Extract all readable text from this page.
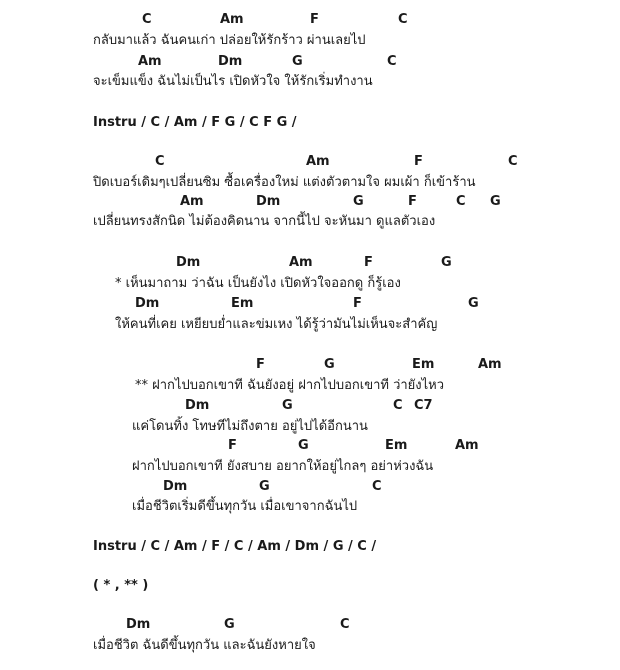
C	Am	F	C
กลับมาแล้ว ฉันคนเก่า ปล่อยให้รักร้าว ผ่านเลยไป
Am	Dm	G	C
จะเข็มแข็ง ฉันไม่เป็นไร เปิดหัวใจ ให้รักเริ่มทำงาน
C	Am	F	C
ปิดเบอร์เดิมๆเปลี่ยนซิม ซื้อเครื่องใหม่ แต่งตัวตามใจ ผมเผ้า ก็เข้าร้าน
Am	Dm	G	F	C G
เปลี่ยนทรงสักนิด ไม่ต้องคิดนาน จากนี้ไป จะหันมา ดูแลตัวเอง
Dm	Am	F	G
* เห็นมาถาม ว่าฉัน เป็นยังไง เปิดหัวใจออกดู ก็รู้เอง
Dm	Em	F	G
ให้คนที่เคย เหยียบย่ำและข่มเหง ได้รู้ว่ามันไม่เห็นจะสำคัญ
F	G	Em	Am
** ฝากไปบอกเขาที ฉันยังอยู่ ฝากไปบอกเขาที ว่ายังไหว
Dm	G	C C7
แค่โดนทิ้ง โทษทีไม่ถึงตาย อยู่ไปได้อีกนาน
F	G	Em	Am
ฝากไปบอกเขาที ยังสบาย อยากให้อยู่ไกลๆ อย่าห่วงฉัน
Dm	G	C
เมื่อชีวิตเริ่มดีขึ้นทุกวัน เมื่อเขาจากฉันไป
Dm	G	C
เมื่อชีวิต ฉันดีขึ้นทุกวัน และฉันยังหายใจ
Instru / C / Am / F G / C F G /
Instru / C / Am / F / C / Am / Dm / G / C /
( * , ** )
